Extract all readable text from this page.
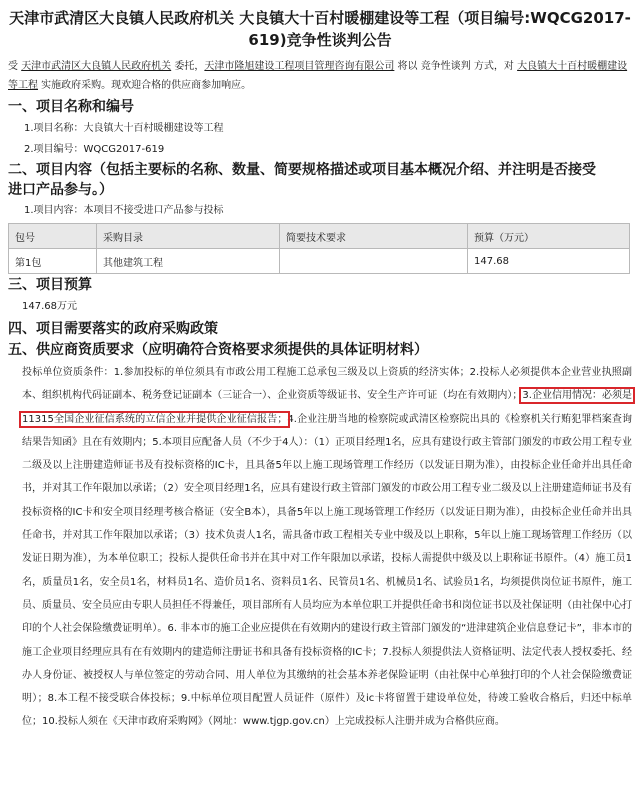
天津市武清区大良镇人民政府机关 大良镇大十百村暖棚建设等工程（项目编号:WQCG2017-619)竞争性谈判公告
受 天津市武清区大良镇人民政府机关 委托，天津市隆旭建设工程项目管理咨询有限公司 将以 竞争性谈判 方式，对 大良镇大十百村暖棚建设等工程 实施政府采购。现欢迎合格的供应商参加响应。
一、项目名称和编号
1.项目名称：大良镇大十百村暖棚建设等工程
2.项目编号：WQCG2017-619
二、项目内容（包括主要标的名称、数量、简要规格描述或项目基本概况介绍、并注明是否接受
进口产品参与。）
1.项目内容：本项目不接受进口产品参与投标
包号	采购目录	简要技术要求	预算（万元）
第1包	其他建筑工程		147.68
三、项目预算
147.68万元
四、项目需要落实的政府采购政策
五、供应商资质要求（应明确符合资格要求须提供的具体证明材料）
投标单位资质条件：1.参加投标的单位须具有市政公用工程施工总承包三级及以上资质的经济实体；2.投标人必须提供本企业营业执照副本、组织机构代码证副本、税务登记证副本（三证合一）、企业资质等级证书、安全生产许可证（均在有效期内）；3.企业信用情况：必须是11315全国企业征信系统的立信企业并提供企业征信报告；4.企业注册当地的检察院或武清区检察院出具的《检察机关行贿犯罪档案查询结果告知函》且在有效期内；5.本项目应配备人员（不少于4人）：（1）正项目经理1名，应具有建设行政主管部门颁发的市政公用工程专业二级及以上注册建造师证书及有投标资格的IC卡，且具备5年以上施工现场管理工作经历（以发证日期为准），由投标企业任命并出具任命书，并对其工作年限加以承诺；（2）安全项目经理1名，应具有建设行政主管部门颁发的市政公用工程专业二级及以上注册建造师证书及有投标资格的IC卡和安全项目经理考核合格证（安全B本），具备5年以上施工现场管理工作经历（以发证日期为准），由投标企业任命并出具任命书，并对其工作年限加以承诺；（3）技术负责人1名，需具备市政工程相关专业中级及以上职称，5年以上施工现场管理工作经历（以发证日期为准），为本单位职工；投标人提供任命书并在其中对工作年限加以承诺，投标人需提供中级及以上职称证书原件。（4）施工员1名，质量员1名，安全员1名，材料员1名、造价员1名、资料员1名、民管员1名、机械员1名、试验员1名，均须提供岗位证书原件，施工员、质量员、安全员应由专职人员担任不得兼任，项目部所有人员均应为本单位职工并提供任命书和岗位证书以及社保证明（由社保中心打印的个人社会保险缴费证明单）。6. 非本市的施工企业应提供在有效期内的建设行政主管部门颁发的“进津建筑企业信息登记卡”，非本市的施工企业项目经理应具有在有效期内的建造师注册证书和具备有投标资格的IC卡；7.投标人须提供法人资格证明、法定代表人授权委托、经办人身份证、被授权人与单位签定的劳动合同、用人单位为其缴纳的社会基本养老保险证明（由社保中心单独打印的个人社会保险缴费证明）；8.本工程不接受联合体投标；9.中标单位项目配置人员证件（原件）及ic卡将留置于建设单位处，待竣工验收合格后，归还中标单位；10.投标人须在《天津市政府采购网》（网址：www.tjgp.gov.cn）上完成投标人注册并成为合格供应商。
